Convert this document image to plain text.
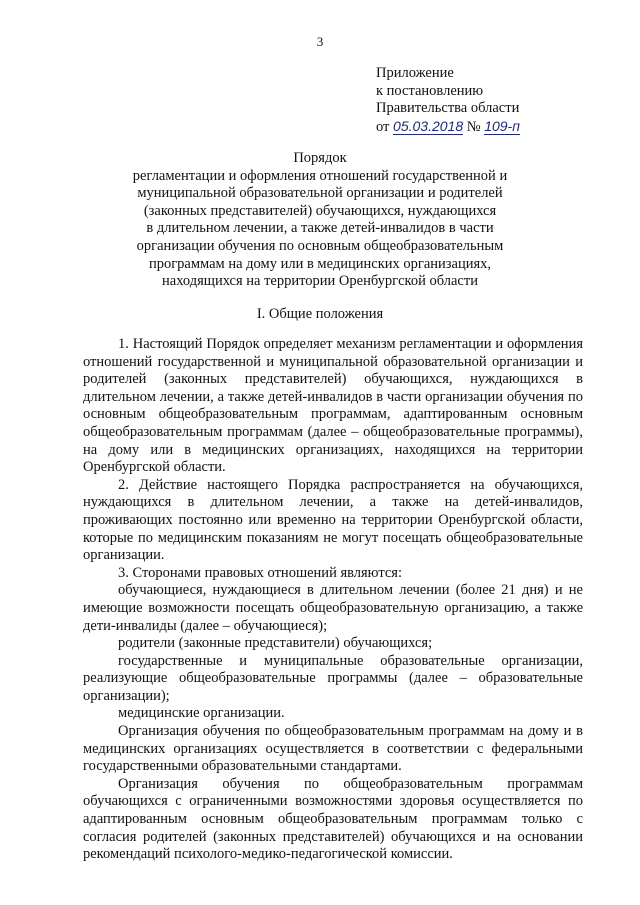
3
Приложение
к постановлению
Правительства области
от 05.03.2018 № 109-п
Порядок
регламентации и оформления отношений государственной и
муниципальной образовательной организации и родителей
(законных представителей) обучающихся, нуждающихся
в длительном лечении, а также детей-инвалидов в части
организации обучения по основным общеобразовательным
программам на дому или в медицинских организациях,
находящихся на территории Оренбургской области
I. Общие положения

1. Настоящий Порядок определяет механизм регламентации и оформления отношений государственной и муниципальной образовательной организации и родителей (законных представителей) обучающихся, нуждающихся в длительном лечении, а также детей-инвалидов в части организации обучения по основным общеобразовательным программам, адаптированным основным общеобразовательным программам (далее – общеобразовательные программы), на дому или в медицинских организациях, находящихся на территории Оренбургской области.

2. Действие настоящего Порядка распространяется на обучающихся, нуждающихся в длительном лечении, а также на детей-инвалидов, проживающих постоянно или временно на территории Оренбургской области, которые по медицинским показаниям не могут посещать общеобразовательные организации.

3. Сторонами правовых отношений являются:

обучающиеся, нуждающиеся в длительном лечении (более 21 дня) и не имеющие возможности посещать общеобразовательную организацию, а также дети-инвалиды (далее – обучающиеся);

родители (законные представители) обучающихся;

государственные и муниципальные образовательные организации, реализующие общеобразовательные программы (далее – образовательные организации);

медицинские организации.

Организация обучения по общеобразовательным программам на дому и в медицинских организациях осуществляется в соответствии с федеральными государственными образовательными стандартами.

Организация обучения по общеобразовательным программам обучающихся с ограниченными возможностями здоровья осуществляется по адаптированным основным общеобразовательным программам только с согласия родителей (законных представителей) обучающихся и на основании рекомендаций психолого-медико-педагогической комиссии.
